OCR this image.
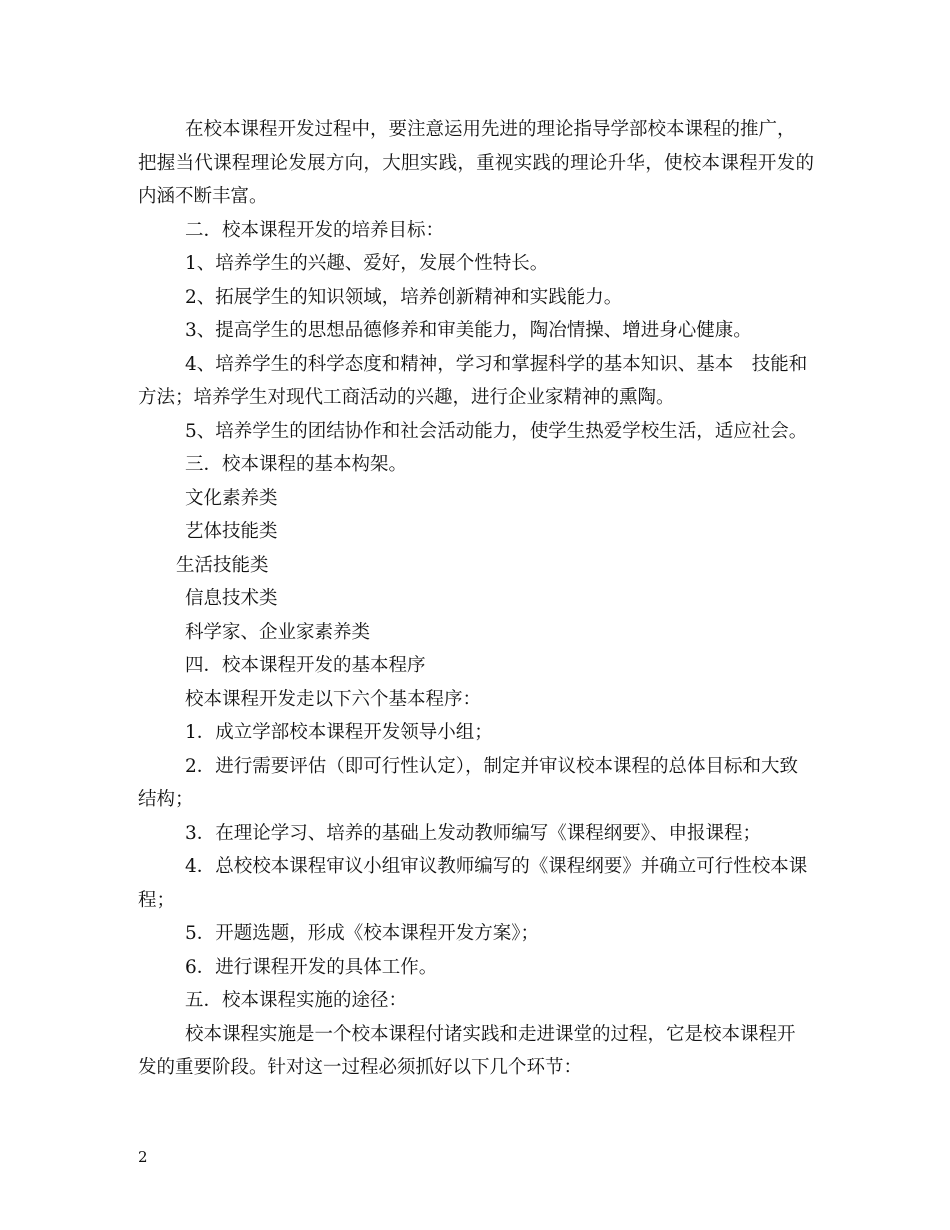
在校本课程开发过程中，要注意运用先进的理论指导学部校本课程的推广，
把握当代课程理论发展方向，大胆实践，重视实践的理论升华，使校本课程开发的
内涵不断丰富。
二．校本课程开发的培养目标：
1、培养学生的兴趣、爱好，发展个性特长。
2、拓展学生的知识领域，培养创新精神和实践能力。
3、提高学生的思想品德修养和审美能力，陶冶情操、增进身心健康。
4、培养学生的科学态度和精神，学习和掌握科学的基本知识、基本　技能和
方法；培养学生对现代工商活动的兴趣，进行企业家精神的熏陶。
5、培养学生的团结协作和社会活动能力，使学生热爱学校生活，适应社会。
三．校本课程的基本构架。
文化素养类
艺体技能类
生活技能类
信息技术类
科学家、企业家素养类
四．校本课程开发的基本程序
校本课程开发走以下六个基本程序：
1．成立学部校本课程开发领导小组；
2．进行需要评估（即可行性认定），制定并审议校本课程的总体目标和大致
结构；
3．在理论学习、培养的基础上发动教师编写《课程纲要》、申报课程；
4．总校校本课程审议小组审议教师编写的《课程纲要》并确立可行性校本课
程；
5．开题选题，形成《校本课程开发方案》；
6．进行课程开发的具体工作。
五．校本课程实施的途径：
校本课程实施是一个校本课程付诸实践和走进课堂的过程，它是校本课程开
发的重要阶段。针对这一过程必须抓好以下几个环节：
2
